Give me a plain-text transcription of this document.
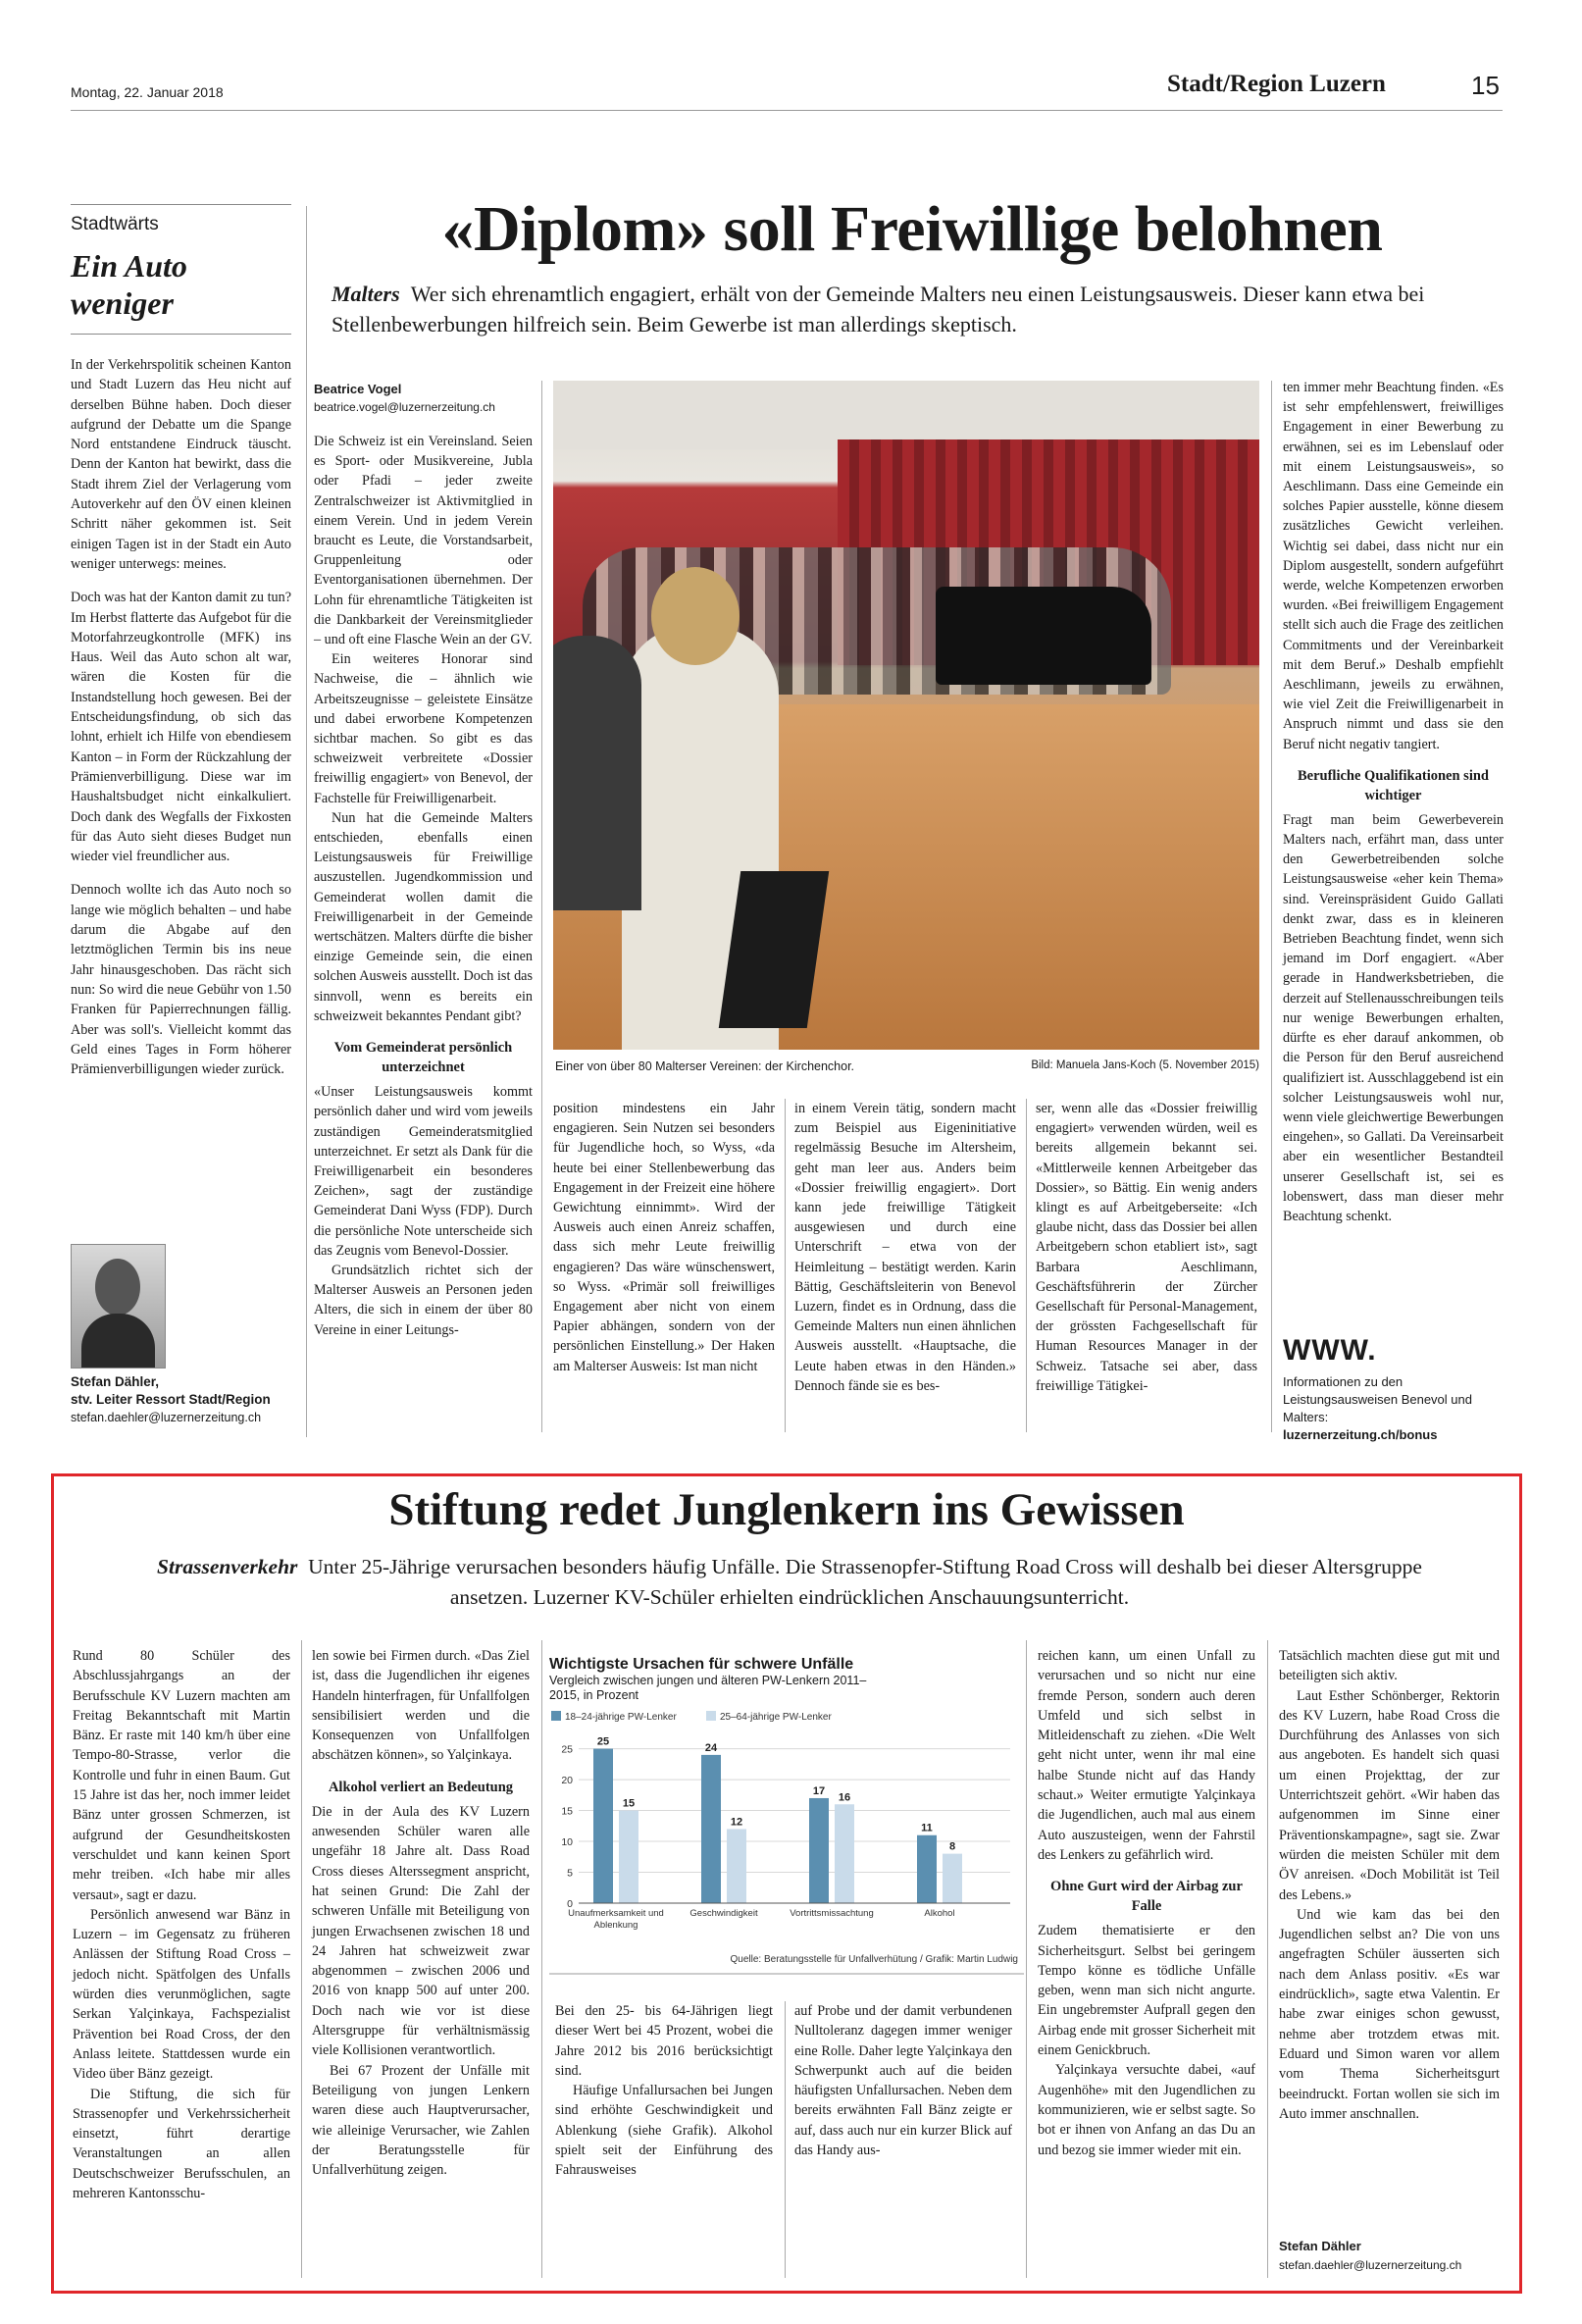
Montag, 22. Januar 2018	Stadt/Region Luzern	15
Stadtwärts
Ein Auto
weniger

In der Verkehrspolitik scheinen Kanton und Stadt Luzern das Heu nicht auf derselben Bühne haben. Doch dieser aufgrund der Debatte um die Spange Nord entstandene Eindruck täuscht. Denn der Kanton hat bewirkt, dass die Stadt ihrem Ziel der Verlagerung vom Autoverkehr auf den ÖV einen kleinen Schritt näher gekommen ist. Seit einigen Tagen ist in der Stadt ein Auto weniger unterwegs: meines.

Doch was hat der Kanton damit zu tun? Im Herbst flatterte das Aufgebot für die Motorfahrzeugkontrolle (MFK) ins Haus. Weil das Auto schon alt war, wären die Kosten für die Instandstellung hoch gewesen. Bei der Entscheidungsfindung, ob sich das lohnt, erhielt ich Hilfe von ebendiesem Kanton – in Form der Rückzahlung der Prämienverbilligung. Diese war im Haushaltsbudget nicht einkalkuliert. Doch dank des Wegfalls der Fixkosten für das Auto sieht dieses Budget nun wieder viel freundlicher aus.

Dennoch wollte ich das Auto noch so lange wie möglich behalten – und habe darum die Abgabe auf den letztmöglichen Termin bis ins neue Jahr hinausgeschoben. Das rächt sich nun: So wird die neue Gebühr von 1.50 Franken für Papierrechnungen fällig. Aber was soll's. Vielleicht kommt das Geld eines Tages in Form höherer Prämienverbilligungen wieder zurück.

Stefan Dähler,
stv. Leiter Ressort Stadt/Region
stefan.daehler@luzernerzeitung.ch
«Diplom» soll Freiwillige belohnen
Malters Wer sich ehrenamtlich engagiert, erhält von der Gemeinde Malters neu einen Leistungsausweis. Dieser kann etwa bei Stellenbewerbungen hilfreich sein. Beim Gewerbe ist man allerdings skeptisch.
Beatrice Vogel
beatrice.vogel@luzernerzeitung.ch

Die Schweiz ist ein Vereinsland. Seien es Sport- oder Musikvereine, Jubla oder Pfadi – jeder zweite Zentralschweizer ist Aktivmitglied in einem Verein. Und in jedem Verein braucht es Leute, die Vorstandsarbeit, Gruppenleitung oder Eventorganisationen übernehmen. Der Lohn für ehrenamtliche Tätigkeiten ist die Dankbarkeit der Vereinsmitglieder – und oft eine Flasche Wein an der GV.

Ein weiteres Honorar sind Nachweise, die – ähnlich wie Arbeitszeugnisse – geleistete Einsätze und dabei erworbene Kompetenzen sichtbar machen. So gibt es das schweizweit verbreitete «Dossier freiwillig engagiert» von Benevol, der Fachstelle für Freiwilligenarbeit.

Nun hat die Gemeinde Malters entschieden, ebenfalls einen Leistungsausweis für Freiwillige auszustellen. Jugendkommission und Gemeinderat wollen damit die Freiwilligenarbeit in der Gemeinde wertschätzen. Malters dürfte die bisher einzige Gemeinde sein, die einen solchen Ausweis ausstellt. Doch ist das sinnvoll, wenn es bereits ein schweizweit bekanntes Pendant gibt?

Vom Gemeinderat persönlich unterzeichnet

«Unser Leistungsausweis kommt persönlich daher und wird vom jeweils zuständigen Gemeinderatsmitglied unterzeichnet. Er setzt als Dank für die Freiwilligenarbeit ein besonderes Zeichen», sagt der zuständige Gemeinderat Dani Wyss (FDP). Durch die persönliche Note unterscheide sich das Zeugnis vom Benevol-Dossier.

Grundsätzlich richtet sich der Malterser Ausweis an Personen jeden Alters, die sich in einem der über 80 Vereine in einer Leitungs-

Einer von über 80 Malterser Vereinen: der Kirchenchor.	Bild: Manuela Jans-Koch (5. November 2015)
position mindestens ein Jahr engagieren. Sein Nutzen sei besonders für Jugendliche hoch, so Wyss, «da heute bei einer Stellenbewerbung das Engagement in der Freizeit eine höhere Gewichtung einnimmt». Wird der Ausweis auch einen Anreiz schaffen, dass sich mehr Leute freiwillig engagieren? Das wäre wünschenswert, so Wyss. «Primär soll freiwilliges Engagement aber nicht von einem Papier abhängen, sondern von der persönlichen Einstellung.» Der Haken am Malterser Ausweis: Ist man nicht
in einem Verein tätig, sondern macht zum Beispiel aus Eigeninitiative regelmässig Besuche im Altersheim, geht man leer aus. Anders beim «Dossier freiwillig engagiert». Dort kann jede freiwillige Tätigkeit ausgewiesen und durch eine Unterschrift – etwa von der Heimleitung – bestätigt werden. Karin Bättig, Geschäftsleiterin von Benevol Luzern, findet es in Ordnung, dass die Gemeinde Malters nun einen ähnlichen Ausweis ausstellt. «Hauptsache, die Leute haben etwas in den Händen.» Dennoch fände sie es bes-
ser, wenn alle das «Dossier freiwillig engagiert» verwenden würden, weil es bereits allgemein bekannt sei. «Mittlerweile kennen Arbeitgeber das Dossier», so Bättig. Ein wenig anders klingt es auf Arbeitgeberseite: «Ich glaube nicht, dass das Dossier bei allen Arbeitgebern schon etabliert ist», sagt Barbara Aeschlimann, Geschäftsführerin der Zürcher Gesellschaft für Personal-Management, der grössten Fachgesellschaft für Human Resources Manager in der Schweiz. Tatsache sei aber, dass freiwillige Tätigkei-

ten immer mehr Beachtung finden. «Es ist sehr empfehlenswert, freiwilliges Engagement in einer Bewerbung zu erwähnen, sei es im Lebenslauf oder mit einem Leistungsausweis», so Aeschlimann. Dass eine Gemeinde ein solches Papier ausstelle, könne diesem zusätzliches Gewicht verleihen. Wichtig sei dabei, dass nicht nur ein Diplom ausgestellt, sondern aufgeführt werde, welche Kompetenzen erworben wurden. «Bei freiwilligem Engagement stellt sich auch die Frage des zeitlichen Commitments und der Vereinbarkeit mit dem Beruf.» Deshalb empfiehlt Aeschlimann, jeweils zu erwähnen, wie viel Zeit die Freiwilligenarbeit in Anspruch nimmt und dass sie den Beruf nicht negativ tangiert.

Berufliche Qualifikationen sind wichtiger

Fragt man beim Gewerbeverein Malters nach, erfährt man, dass unter den Gewerbetreibenden solche Leistungsausweise «eher kein Thema» sind. Vereinspräsident Guido Gallati denkt zwar, dass es in kleineren Betrieben Beachtung findet, wenn sich jemand im Dorf engagiert. «Aber gerade in Handwerksbetrieben, die derzeit auf Stellenausschreibungen teils nur wenige Bewerbungen erhalten, dürfte es eher darauf ankommen, ob die Person für den Beruf ausreichend qualifiziert ist. Ausschlaggebend ist ein solcher Leistungsausweis wohl nur, wenn viele gleichwertige Bewerbungen eingehen», so Gallati. Da Vereinsarbeit aber ein wesentlicher Bestandteil unserer Gesellschaft ist, sei es lobenswert, dass man dieser mehr Beachtung schenkt.

WWW.
Informationen zu den Leistungsausweisen Benevol und Malters:
luzernerzeitung.ch/bonus
Stiftung redet Junglenkern ins Gewissen
Strassenverkehr Unter 25-Jährige verursachen besonders häufig Unfälle. Die Strassenopfer-Stiftung Road Cross will deshalb bei dieser Altersgruppe ansetzen. Luzerner KV-Schüler erhielten eindrücklichen Anschauungsunterricht.

Rund 80 Schüler des Abschlussjahrgangs an der Berufsschule KV Luzern machten am Freitag Bekanntschaft mit Martin Bänz. Er raste mit 140 km/h über eine Tempo-80-Strasse, verlor die Kontrolle und fuhr in einen Baum. Gut 15 Jahre ist das her, noch immer leidet Bänz unter grossen Schmerzen, ist aufgrund der Gesundheitskosten verschuldet und kann keinen Sport mehr treiben. «Ich habe mir alles versaut», sagt er dazu.

Persönlich anwesend war Bänz in Luzern – im Gegensatz zu früheren Anlässen der Stiftung Road Cross – jedoch nicht. Spätfolgen des Unfalls würden dies verunmöglichen, sagte Serkan Yalçinkaya, Fachspezialist Prävention bei Road Cross, der den Anlass leitete. Stattdessen wurde ein Video über Bänz gezeigt.

Die Stiftung, die sich für Strassenopfer und Verkehrssicherheit einsetzt, führt derartige Veranstaltungen an allen Deutschschweizer Berufsschulen, an mehreren Kantonsschu-

len sowie bei Firmen durch. «Das Ziel ist, dass die Jugendlichen ihr eigenes Handeln hinterfragen, für Unfallfolgen sensibilisiert werden und die Konsequenzen von Unfallfolgen abschätzen können», so Yalçinkaya.

Alkohol verliert an Bedeutung

Die in der Aula des KV Luzern anwesenden Schüler waren alle ungefähr 18 Jahre alt. Dass Road Cross dieses Alterssegment anspricht, hat seinen Grund: Die Zahl der schweren Unfälle mit Beteiligung von jungen Erwachsenen zwischen 18 und 24 Jahren hat schweizweit zwar abgenommen – zwischen 2006 und 2016 von knapp 500 auf unter 200. Doch nach wie vor ist diese Altersgruppe für verhältnismässig viele Kollisionen verantwortlich.

Bei 67 Prozent der Unfälle mit Beteiligung von jungen Lenkern waren diese auch Hauptverursacher, wie alleinige Verursacher, wie Zahlen der Beratungsstelle für Unfallverhütung zeigen.

Wichtigste Ursachen für schwere Unfälle
Vergleich zwischen jungen und älteren PW-Lenkern 2011–2015, in Prozent
18–24-jährige PW-Lenker	25–64-jährige PW-Lenker
0
5
10
15
20
25
25
15
Unaufmerksamkeit und
Ablenkung
24
12
Geschwindigkeit
17
16
Vortrittsmissachtung
11
8
Alkohol
Quelle: Beratungsstelle für Unfallverhütung / Grafik: Martin Ludwig

Bei den 25- bis 64-Jährigen liegt dieser Wert bei 45 Prozent, wobei die Jahre 2012 bis 2016 berücksichtigt sind.

Häufige Unfallursachen bei Jungen sind erhöhte Geschwindigkeit und Ablenkung (siehe Grafik). Alkohol spielt seit der Einführung des Fahrausweises

auf Probe und der damit verbundenen Nulltoleranz dagegen immer weniger eine Rolle. Daher legte Yalçinkaya den Schwerpunkt auch auf die beiden häufigsten Unfallursachen. Neben dem bereits erwähnten Fall Bänz zeigte er auf, dass auch nur ein kurzer Blick auf das Handy aus-

reichen kann, um einen Unfall zu verursachen und so nicht nur eine fremde Person, sondern auch deren Umfeld und sich selbst in Mitleidenschaft zu ziehen. «Die Welt geht nicht unter, wenn ihr mal eine halbe Stunde nicht auf das Handy schaut.» Weiter ermutigte Yalçinkaya die Jugendlichen, auch mal aus einem Auto auszusteigen, wenn der Fahrstil des Lenkers zu gefährlich wird.

Ohne Gurt wird der Airbag zur Falle

Zudem thematisierte er den Sicherheitsgurt. Selbst bei geringem Tempo könne es tödliche Unfälle geben, wenn man sich nicht angurte. Ein ungebremster Aufprall gegen den Airbag ende mit grosser Sicherheit mit einem Genickbruch.

Yalçinkaya versuchte dabei, «auf Augenhöhe» mit den Jugendlichen zu kommunizieren, wie er selbst sagte. So bot er ihnen von Anfang an das Du an und bezog sie immer wieder mit ein.

Tatsächlich machten diese gut mit und beteiligten sich aktiv.

Laut Esther Schönberger, Rektorin des KV Luzern, habe Road Cross die Durchführung des Anlasses von sich aus angeboten. Es handelt sich quasi um einen Projekttag, der zur Unterrichtszeit gehört. «Wir haben das aufgenommen im Sinne einer Präventionskampagne», sagt sie. Zwar würden die meisten Schüler mit dem ÖV anreisen. «Doch Mobilität ist Teil des Lebens.»

Und wie kam das bei den Jugendlichen selbst an? Die von uns angefragten Schüler äusserten sich nach dem Anlass positiv. «Es war eindrücklich», sagte etwa Valentin. Er habe zwar einiges schon gewusst, nehme aber trotzdem etwas mit. Eduard und Simon waren vor allem vom Thema Sicherheitsgurt beeindruckt. Fortan wollen sie sich im Auto immer anschnallen.

Stefan Dähler
stefan.daehler@luzernerzeitung.ch
